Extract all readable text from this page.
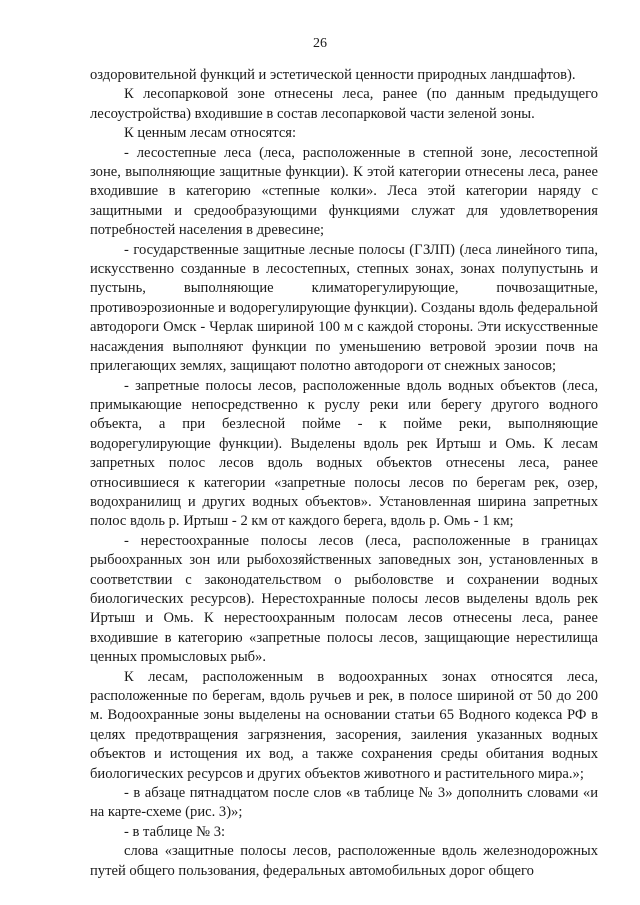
26

оздоровительной функций и эстетической ценности природных ландшафтов).

К лесопарковой зоне отнесены леса, ранее (по данным предыдущего лесоустройства) входившие в состав лесопарковой части зеленой зоны.

К ценным лесам относятся:

- лесостепные леса (леса, расположенные в степной зоне, лесостепной зоне, выполняющие защитные функции). К этой категории отнесены леса, ранее входившие в категорию «степные колки». Леса этой категории наряду с защитными и средообразующими функциями служат для удовлетворения потребностей населения в древесине;

- государственные защитные лесные полосы (ГЗЛП) (леса линейного типа, искусственно созданные в лесостепных, степных зонах, зонах полупустынь и пустынь, выполняющие климаторегулирующие, почвозащитные, противоэрозионные и водорегулирующие функции). Созданы вдоль федеральной автодороги Омск - Черлак шириной 100 м с каждой стороны. Эти искусственные насаждения выполняют функции по уменьшению ветровой эрозии почв на прилегающих землях, защищают полотно автодороги от снежных заносов;

- запретные полосы лесов, расположенные вдоль водных объектов (леса, примыкающие непосредственно к руслу реки или берегу другого водного объекта, а при безлесной пойме - к пойме реки, выполняющие водорегулирующие функции). Выделены вдоль рек Иртыш и Омь. К лесам запретных полос лесов вдоль водных объектов отнесены леса, ранее относившиеся к категории «запретные полосы лесов по берегам рек, озер, водохранилищ и других водных объектов». Установленная ширина запретных полос вдоль р. Иртыш - 2 км от каждого берега, вдоль р. Омь - 1 км;

- нерестоохранные полосы лесов (леса, расположенные в границах рыбоохранных зон или рыбохозяйственных заповедных зон, установленных в соответствии с законодательством о рыболовстве и сохранении водных биологических ресурсов). Нерестохранные полосы лесов выделены вдоль рек Иртыш и Омь. К нерестоохранным полосам лесов отнесены леса, ранее входившие в категорию «запретные полосы лесов, защищающие нерестилища ценных промысловых рыб».

К лесам, расположенным в водоохранных зонах относятся леса, расположенные по берегам, вдоль ручьев и рек, в полосе шириной от 50 до 200 м. Водоохранные зоны выделены на основании статьи 65 Водного кодекса РФ в целях предотвращения загрязнения, засорения, заиления указанных водных объектов и истощения их вод, а также сохранения среды обитания водных биологических ресурсов и других объектов животного и растительного мира.»;

- в абзаце пятнадцатом после слов «в таблице № 3» дополнить словами «и на карте-схеме (рис. 3)»;

- в таблице № 3:

слова «защитные полосы лесов, расположенные вдоль железнодорожных путей общего пользования, федеральных автомобильных дорог общего
